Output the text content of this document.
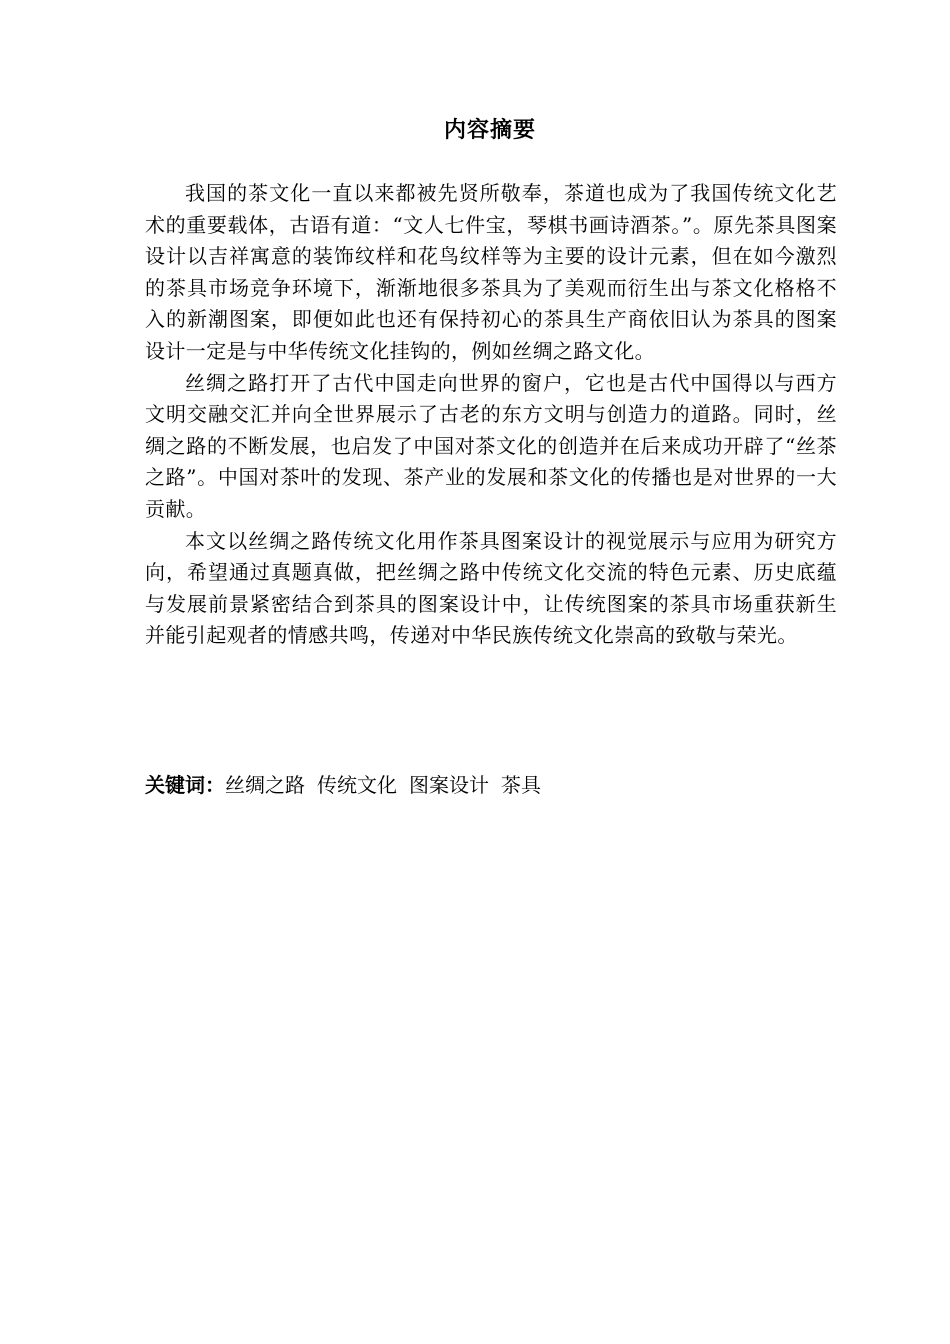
内容摘要

我国的茶文化一直以来都被先贤所敬奉，茶道也成为了我国传统文化艺术的重要载体，古语有道：“文人七件宝，琴棋书画诗酒茶。”。原先茶具图案设计以吉祥寓意的装饰纹样和花鸟纹样等为主要的设计元素，但在如今激烈的茶具市场竞争环境下，渐渐地很多茶具为了美观而衍生出与茶文化格格不入的新潮图案，即便如此也还有保持初心的茶具生产商依旧认为茶具的图案设计一定是与中华传统文化挂钩的，例如丝绸之路文化。

丝绸之路打开了古代中国走向世界的窗户，它也是古代中国得以与西方文明交融交汇并向全世界展示了古老的东方文明与创造力的道路。同时，丝绸之路的不断发展，也启发了中国对茶文化的创造并在后来成功开辟了“丝茶之路”。中国对茶叶的发现、茶产业的发展和茶文化的传播也是对世界的一大贡献。

本文以丝绸之路传统文化用作茶具图案设计的视觉展示与应用为研究方向，希望通过真题真做，把丝绸之路中传统文化交流的特色元素、历史底蕴与发展前景紧密结合到茶具的图案设计中，让传统图案的茶具市场重获新生并能引起观者的情感共鸣，传递对中华民族传统文化崇高的致敬与荣光。

关键词：丝绸之路 传统文化 图案设计 茶具
